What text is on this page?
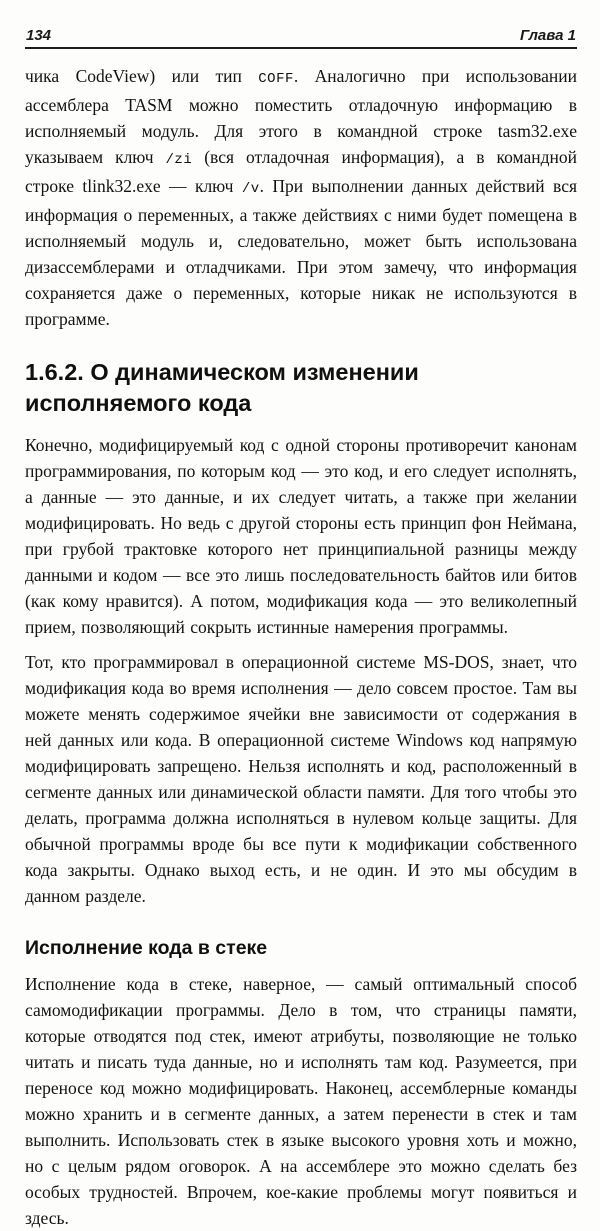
134	Глава 1

чика CodeView) или тип COFF. Аналогично при использовании ассемблера TASM можно поместить отладочную информацию в исполняемый модуль. Для этого в командной строке tasm32.exe указываем ключ /zi (вся отладочная информация), а в командной строке tlink32.exe — ключ /v. При выполнении данных действий вся информация о переменных, а также действиях с ними будет помещена в исполняемый модуль и, следовательно, может быть использована дизассемблерами и отладчиками. При этом замечу, что информация сохраняется даже о переменных, которые никак не используются в программе.

1.6.2. О динамическом изменении
исполняемого кода

Конечно, модифицируемый код с одной стороны противоречит канонам программирования, по которым код — это код, и его следует исполнять, а данные — это данные, и их следует читать, а также при желании модифицировать. Но ведь с другой стороны есть принцип фон Неймана, при грубой трактовке которого нет принципиальной разницы между данными и кодом — все это лишь последовательность байтов или битов (как кому нравится). А потом, модификация кода — это великолепный прием, позволяющий сокрыть истинные намерения программы.

Тот, кто программировал в операционной системе MS-DOS, знает, что модификация кода во время исполнения — дело совсем простое. Там вы можете менять содержимое ячейки вне зависимости от содержания в ней данных или кода. В операционной системе Windows код напрямую модифицировать запрещено. Нельзя исполнять и код, расположенный в сегменте данных или динамической области памяти. Для того чтобы это делать, программа должна исполняться в нулевом кольце защиты. Для обычной программы вроде бы все пути к модификации собственного кода закрыты. Однако выход есть, и не один. И это мы обсудим в данном разделе.

Исполнение кода в стеке

Исполнение кода в стеке, наверное, — самый оптимальный способ самомодификации программы. Дело в том, что страницы памяти, которые отводятся под стек, имеют атрибуты, позволяющие не только читать и писать туда данные, но и исполнять там код. Разумеется, при переносе код можно модифицировать. Наконец, ассемблерные команды можно хранить и в сегменте данных, а затем перенести в стек и там выполнить. Использовать стек в языке высокого уровня хоть и можно, но с целым рядом оговорок. А на ассемблере это можно сделать без особых трудностей. Впрочем, кое-какие проблемы могут появиться и здесь.
